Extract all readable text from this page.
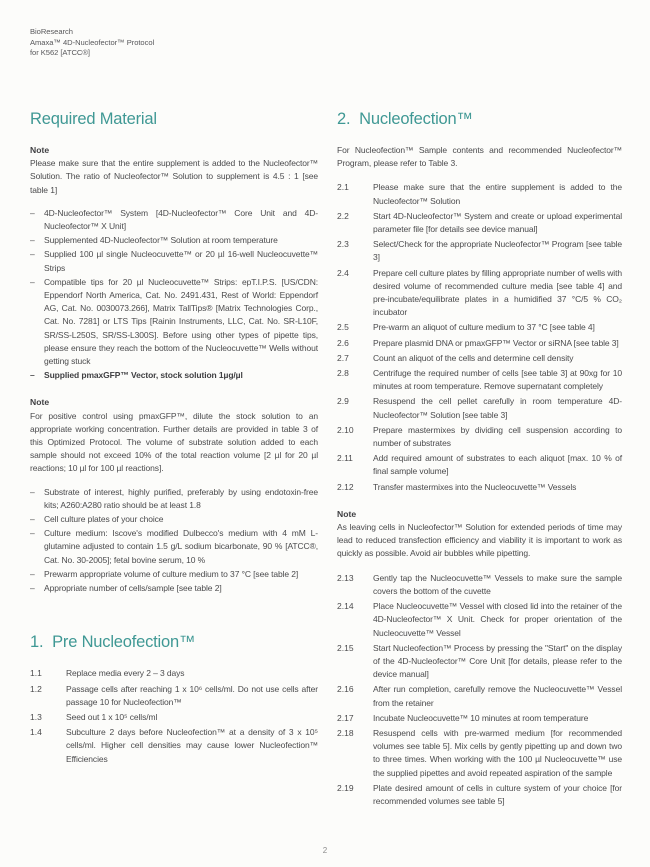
BioResearch
Amaxa™ 4D-Nucleofector™ Protocol
for K562 [ATCC®]
Required Material
Note

Please make sure that the entire supplement is added to the Nucleofector™ Solution. The ratio of Nucleofector™ Solution to supplement is 4.5 : 1 [see table 1]

– 4D-Nucleofector™ System [4D-Nucleofector™ Core Unit and 4D-Nucleofector™ X Unit]
– Supplemented 4D-Nucleofector™ Solution at room temperature
– Supplied 100 µl single Nucleocuvette™ or 20 µl 16-well Nucleocuvette™ Strips
– Compatible tips for 20 µl Nucleocuvette™ Strips: epT.I.P.S. [US/CDN: Eppendorf North America, Cat. No. 2491.431, Rest of World: Eppendorf AG, Cat. No. 0030073.266], Matrix TallTips® [Matrix Technologies Corp., Cat. No. 7281] or LTS Tips [Rainin Instruments, LLC, Cat. No. SR-L10F, SR/SS-L250S, SR/SS-L300S]. Before using other types of pipette tips, please ensure they reach the bottom of the Nucleocuvette™ Wells without getting stuck
– Supplied pmaxGFP™ Vector, stock solution 1µg/µl
Note

For positive control using pmaxGFP™, dilute the stock solution to an appropriate working concentration. Further details are provided in table 3 of this Optimized Protocol. The volume of substrate solution added to each sample should not exceed 10% of the total reaction volume [2 µl for 20 µl reactions; 10 µl for 100 µl reactions].

– Substrate of interest, highly purified, preferably by using endotoxin-free kits; A260:A280 ratio should be at least 1.8
– Cell culture plates of your choice
– Culture medium: Iscove's modified Dulbecco's medium with 4 mM L-glutamine adjusted to contain 1.5 g/L sodium bicarbonate, 90 % [ATCC®, Cat. No. 30-2005]; fetal bovine serum, 10 %
– Prewarm appropriate volume of culture medium to 37 °C [see table 2]
– Appropriate number of cells/sample [see table 2]
1.  Pre Nucleofection™
1.1	Replace media every 2 – 3 days
1.2	Passage cells after reaching 1 x 10⁶ cells/ml. Do not use cells after passage 10 for Nucleofection™
1.3	Seed out 1 x 10⁵ cells/ml
1.4	Subculture 2 days before Nucleofection™ at a density of 3 x 10⁵ cells/ml. Higher cell densities may cause lower Nucleofection™ Efficiencies
2.  Nucleofection™

For Nucleofection™ Sample contents and recommended Nucleofector™ Program, please refer to Table 3.

2.1	Please make sure that the entire supplement is added to the Nucleofector™ Solution
2.2	Start 4D-Nucleofector™ System and create or upload experimental parameter file [for details see device manual]
2.3	Select/Check for the appropriate Nucleofector™ Program [see table 3]
2.4	Prepare cell culture plates by filling appropriate number of wells with desired volume of recommended culture media [see table 4] and pre-incubate/equilibrate plates in a humidified 37 °C/5 % CO₂ incubator
2.5	Pre-warm an aliquot of culture medium to 37 °C [see table 4]
2.6	Prepare plasmid DNA or pmaxGFP™ Vector or siRNA [see table 3]
2.7	Count an aliquot of the cells and determine cell density
2.8	Centrifuge the required number of cells [see table 3] at 90xg for 10 minutes at room temperature. Remove supernatant completely
2.9	Resuspend the cell pellet carefully in room temperature 4D-Nucleofector™ Solution [see table 3]
2.10	Prepare mastermixes by dividing cell suspension according to number of substrates
2.11	Add required amount of substrates to each aliquot [max. 10 % of final sample volume]
2.12	Transfer mastermixes into the Nucleocuvette™ Vessels
Note

As leaving cells in Nucleofector™ Solution for extended periods of time may lead to reduced transfection efficiency and viability it is important to work as quickly as possible. Avoid air bubbles while pipetting.

2.13	Gently tap the Nucleocuvette™ Vessels to make sure the sample covers the bottom of the cuvette
2.14	Place Nucleocuvette™ Vessel with closed lid into the retainer of the 4D-Nucleofector™ X Unit. Check for proper orientation of the Nucleocuvette™ Vessel
2.15	Start Nucleofection™ Process by pressing the "Start" on the display of the 4D-Nucleofector™ Core Unit [for details, please refer to the device manual]
2.16	After run completion, carefully remove the Nucleocuvette™ Vessel from the retainer
2.17	Incubate Nucleocuvette™ 10 minutes at room temperature
2.18	Resuspend cells with pre-warmed medium [for recommended volumes see table 5]. Mix cells by gently pipetting up and down two to three times. When working with the 100 µl Nucleocuvette™ use the supplied pipettes and avoid repeated aspiration of the sample
2.19	Plate desired amount of cells in culture system of your choice [for recommended volumes see table 5]
2
